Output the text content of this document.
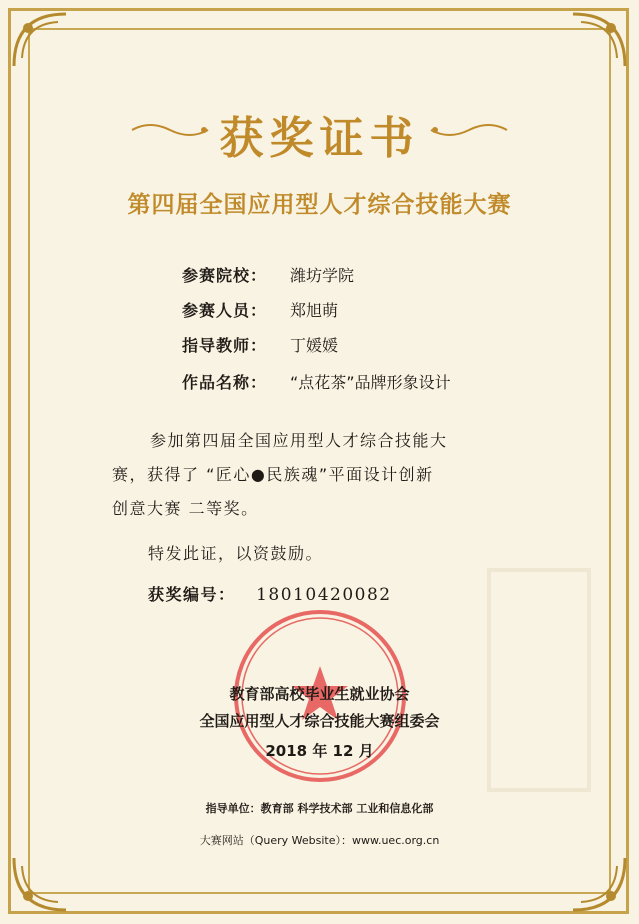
获奖证书
第四届全国应用型人才综合技能大赛
参赛院校： 潍坊学院
参赛人员： 郑旭萌
指导教师： 丁媛媛
作品名称： “点花茶”品牌形象设计
参加第四届全国应用型人才综合技能大
赛，获得了 “匠心●民族魂”平面设计创新
创意大赛 二等奖。
特发此证，以资鼓励。
获奖编号： 18010420082
教育部高校毕业生就业协会
全国应用型人才综合技能大赛组委会
2018 年 12 月
指导单位：教育部 科学技术部 工业和信息化部
大赛网站（Query Website）：www.uec.org.cn
